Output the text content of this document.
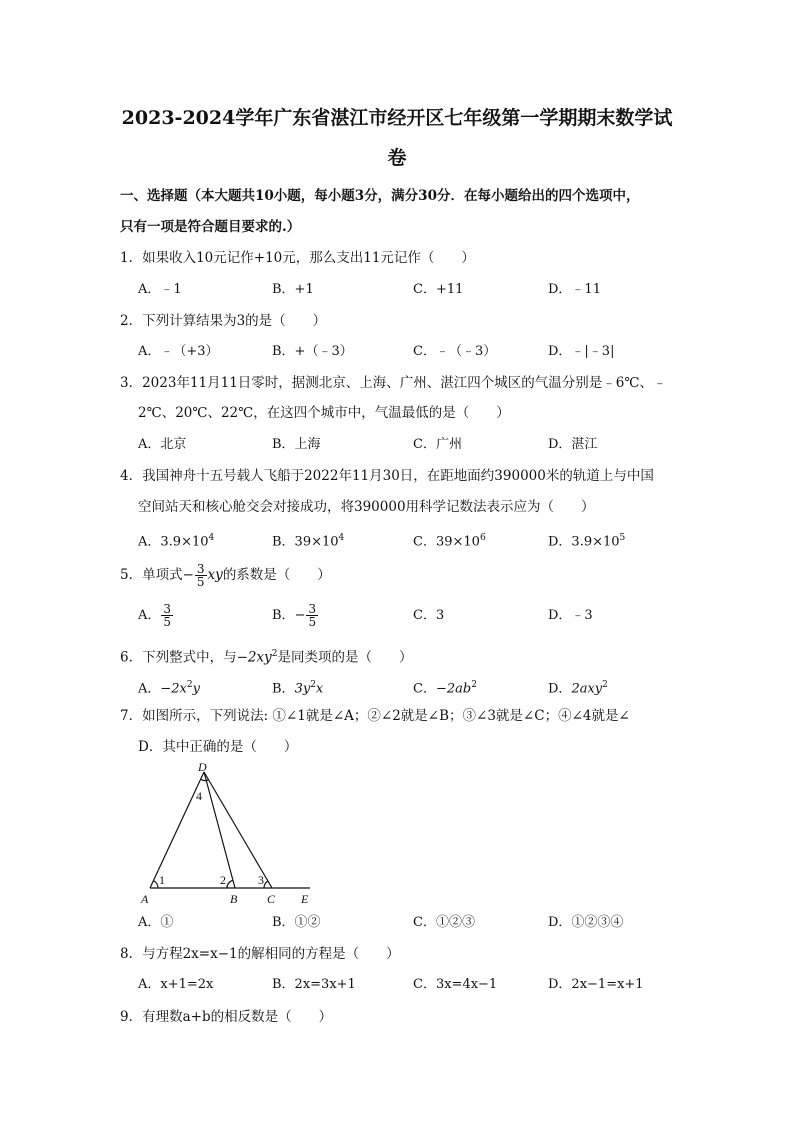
2023-2024学年广东省湛江市经开区七年级第一学期期末数学试
卷
一、选择题（本大题共10小题，每小题3分，满分30分．在每小题给出的四个选项中，
只有一项是符合题目要求的.）
1．如果收入10元记作+10元，那么支出11元记作（　　）
A．﹣1	B．+1	C．+11	D．﹣11
2．下列计算结果为3的是（　　）
A．﹣（+3）	B．+（﹣3）	C．﹣（﹣3）	D．﹣|﹣3|
3．2023年11月11日零时，据测北京、上海、广州、湛江四个城区的气温分别是﹣6℃、﹣
2℃、20℃、22℃，在这四个城市中，气温最低的是（　　）
A．北京	B．上海	C．广州	D．湛江
4．我国神舟十五号载人飞船于2022年11月30日，在距地面约390000米的轨道上与中国
空间站天和核心舱交会对接成功，将390000用科学记数法表示应为（　　）
A．$3.9\times 10^4$	B．$39\times 10^4$	C．$39\times 10^6$	D．$3.9\times 10^5$
5．单项式− $\frac{3}{5}$ xy的系数是（　　）
A． $\frac{3}{5}$	B．− $\frac{3}{5}$	C．3	D．﹣3
6．下列整式中，与$-2xy^2$是同类项的是（　　）
A．$-2x^2y$	B．$3y^2x$	C．$-2ab^2$	D．2axy$^2$
7．如图所示，下列说法: ①∠1就是∠A；②∠2就是∠B；③∠3就是∠C；④∠4就是∠
D．其中正确的是（　　）
D
4
A
1	2
B
3
C E
A．①	B．①②	C．①②③	D．①②③④
8．与方程2x=x−1的解相同的方程是（　　）
A．x+1=2x	B．2x=3x+1	C．3x=4x−1	D．2x−1=x+1
9．有理数a+b的相反数是（　　）
